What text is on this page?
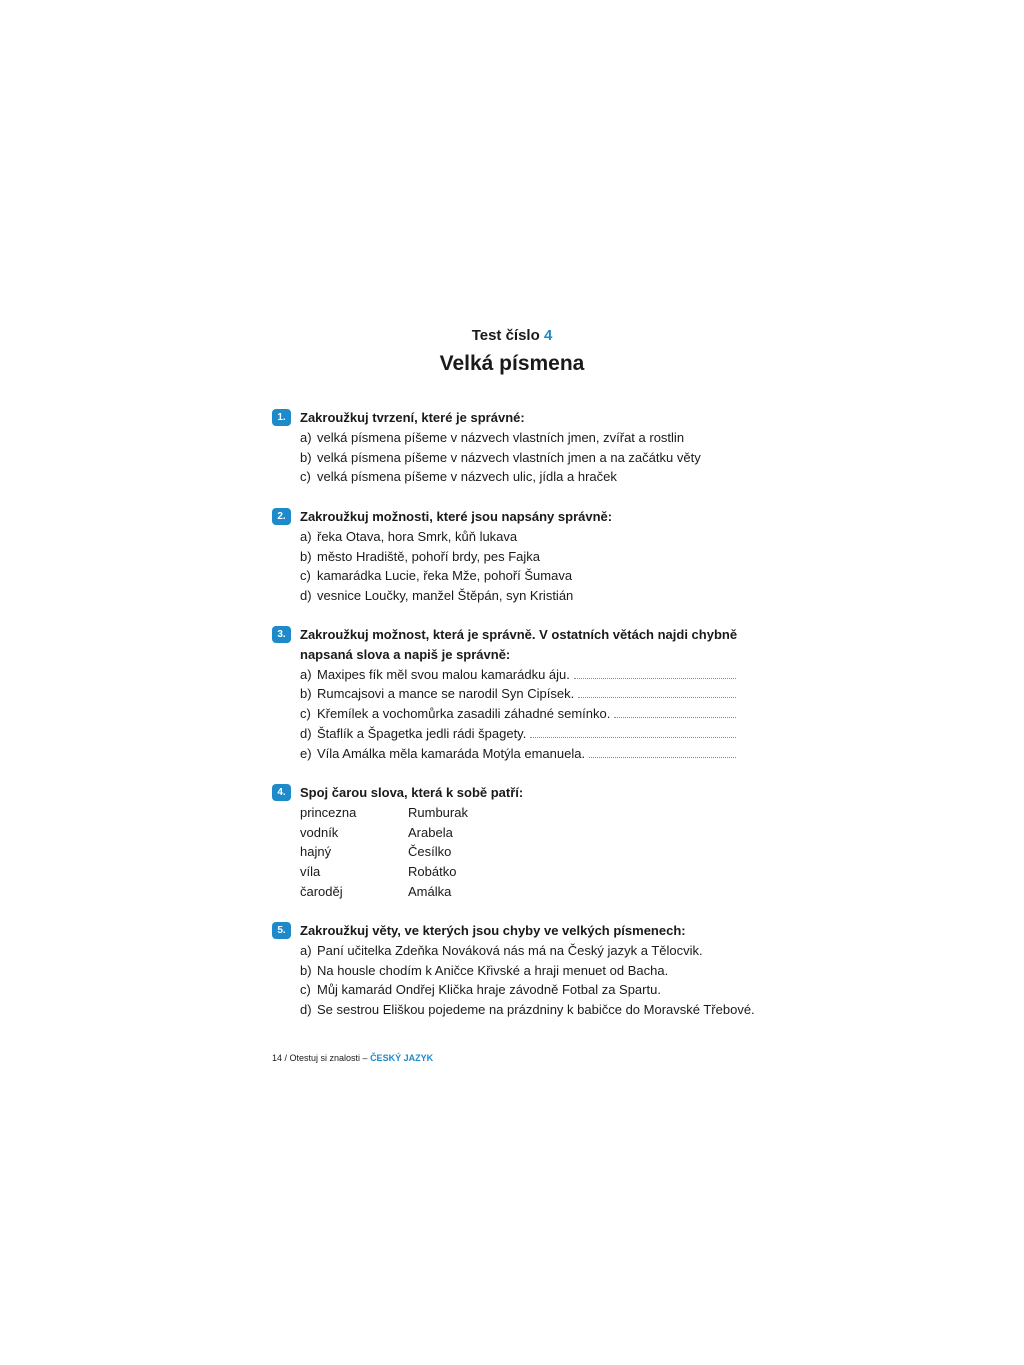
Test číslo 4
Velká písmena
1.	Zakroužkuj tvrzení, které je správné:
a) velká písmena píšeme v názvech vlastních jmen, zvířat a rostlin
b) velká písmena píšeme v názvech vlastních jmen a na začátku věty
c) velká písmena píšeme v názvech ulic, jídla a hraček
2.	Zakroužkuj možnosti, které jsou napsány správně:
a) řeka Otava, hora Smrk, kůň lukava
b) město Hradiště, pohoří brdy, pes Fajka
c) kamarádka Lucie, řeka Mže, pohoří Šumava
d) vesnice Loučky, manžel Štěpán, syn Kristián
3.	Zakroužkuj možnost, která je správně. V ostatních větách najdi chybně
napsaná slova a napiš je správně:
a) Maxipes fík měl svou malou kamarádku áju.
b) Rumcajsovi a mance se narodil Syn Cipísek.
c) Křemílek a vochomůrka zasadili záhadné semínko.
d) Štaflík a Špagetka jedli rádi špagety.
e) Víla Amálka měla kamaráda Motýla emanuela.
4.	Spoj čarou slova, která k sobě patří:
princezna	Rumburak
vodník	Arabela
hajný	Česílko
víla	Robátko
čaroděj	Amálka
5.	Zakroužkuj věty, ve kterých jsou chyby ve velkých písmenech:
a) Paní učitelka Zdeňka Nováková nás má na Český jazyk a Tělocvik.
b) Na housle chodím k Aničce Křivské a hraji menuet od Bacha.
c) Můj kamarád Ondřej Klička hraje závodně Fotbal za Spartu.
d) Se sestrou Eliškou pojedeme na prázdniny k babičce do Moravské Třebové.
14 / Otestuj si znalosti – ČESKÝ JAZYK
